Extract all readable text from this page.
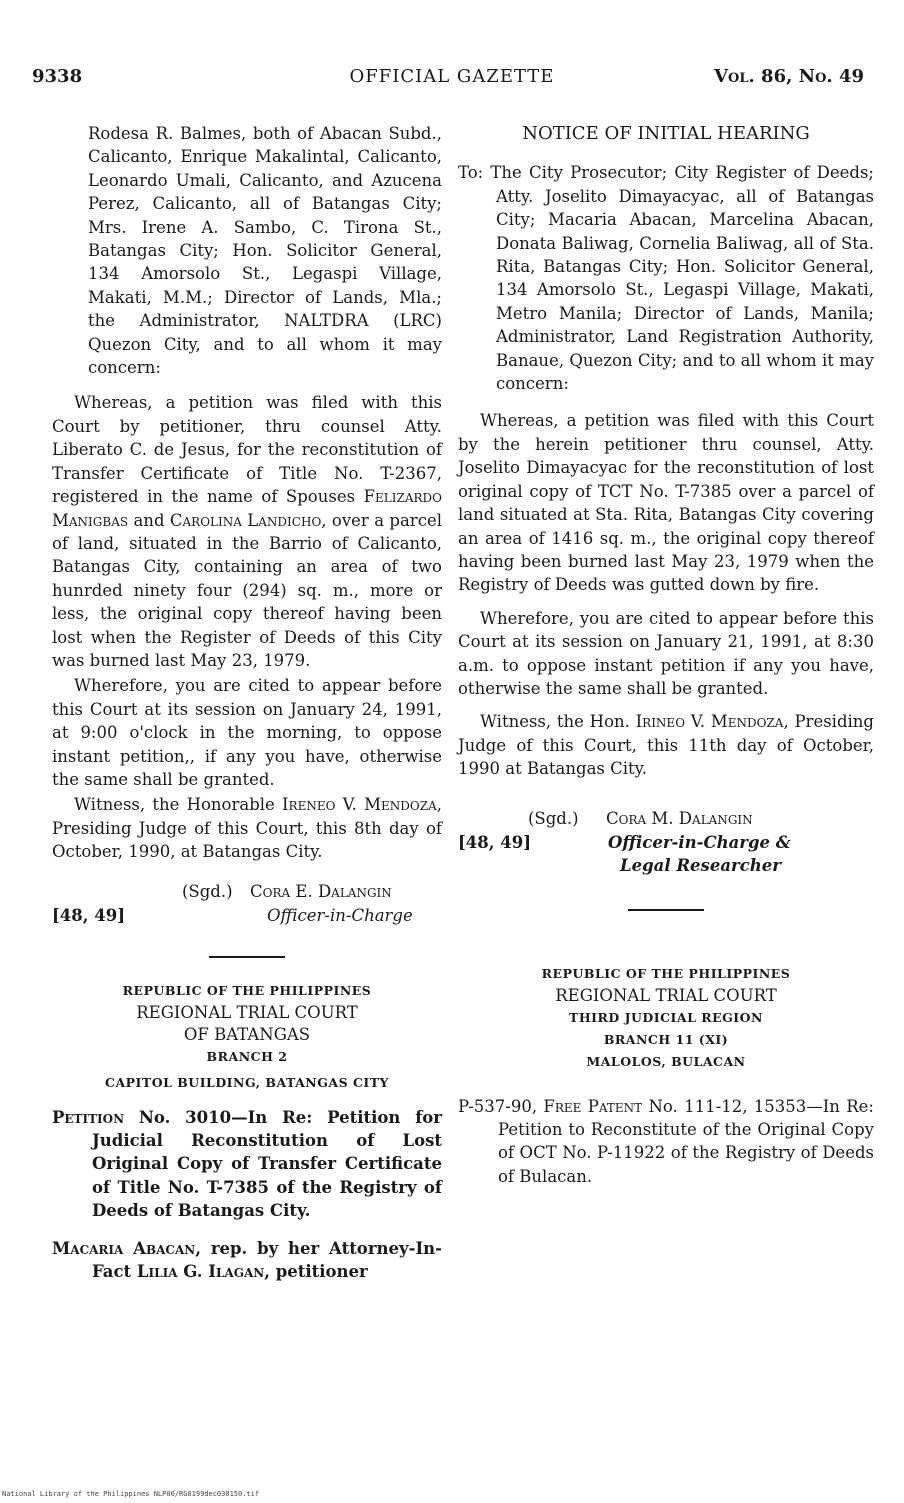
9338	OFFICIAL GAZETTE	Vol. 86, No. 49

Rodesa R. Balmes, both of Abacan Subd., Calicanto, Enrique Makalintal, Calicanto, Leonardo Umali, Calicanto, and Azucena Perez, Calicanto, all of Batangas City; Mrs. Irene A. Sambo, C. Tirona St., Batangas City; Hon. Solicitor General, 134 Amorsolo St., Legaspi Village, Makati, M.M.; Director of Lands, Mla.; the Administrator, NALTDRA (LRC) Quezon City, and to all whom it may concern:

Whereas, a petition was filed with this Court by petitioner, thru counsel Atty. Liberato C. de Jesus, for the reconstitution of Transfer Certificate of Title No. T-2367, registered in the name of Spouses Felizardo Manigbas and Carolina Landicho, over a parcel of land, situated in the Barrio of Calicanto, Batangas City, containing an area of two hunrded ninety four (294) sq. m., more or less, the original copy thereof having been lost when the Register of Deeds of this City was burned last May 23, 1979.

Wherefore, you are cited to appear before this Court at its session on January 24, 1991, at 9:00 o'clock in the morning, to oppose instant petition,, if any you have, otherwise the same shall be granted.

Witness, the Honorable Ireneo V. Mendoza, Presiding Judge of this Court, this 8th day of October, 1990, at Batangas City.

(Sgd.) Cora E. Dalangin
[48, 49]	Officer-in-Charge
REPUBLIC OF THE PHILIPPINES
REGIONAL TRIAL COURT
OF BATANGAS
BRANCH 2
CAPITOL BUILDING, BATANGAS CITY

Petition No. 3010—In Re: Petition for Judicial Reconstitution of Lost Original Copy of Transfer Certificate of Title No. T-7385 of the Registry of Deeds of Batangas City.

Macaria Abacan, rep. by her Attorney-In-Fact Lilia G. Ilagan, petitioner

NOTICE OF INITIAL HEARING

To: The City Prosecutor; City Register of Deeds; Atty. Joselito Dimayacyac, all of Batangas City; Macaria Abacan, Marcelina Abacan, Donata Baliwag, Cornelia Baliwag, all of Sta. Rita, Batangas City; Hon. Solicitor General, 134 Amorsolo St., Legaspi Village, Makati, Metro Manila; Director of Lands, Manila; Administrator, Land Registration Authority, Banaue, Quezon City; and to all whom it may concern:

Whereas, a petition was filed with this Court by the herein petitioner thru counsel, Atty. Joselito Dimayacyac for the reconstitution of lost original copy of TCT No. T-7385 over a parcel of land situated at Sta. Rita, Batangas City covering an area of 1416 sq. m., the original copy thereof having been burned last May 23, 1979 when the Registry of Deeds was gutted down by fire.

Wherefore, you are cited to appear before this Court at its session on January 21, 1991, at 8:30 a.m. to oppose instant petition if any you have, otherwise the same shall be granted.

Witness, the Hon. Irineo V. Mendoza, Presiding Judge of this Court, this 11th day of October, 1990 at Batangas City.

(Sgd.) Cora M. Dalangin
[48, 49]	Officer-in-Charge &
Legal Researcher
REPUBLIC OF THE PHILIPPINES
REGIONAL TRIAL COURT
THIRD JUDICIAL REGION
BRANCH 11 (XI)
MALOLOS, BULACAN

P-537-90, Free Patent No. 111-12, 15353—In Re: Petition to Reconstitute of the Original Copy of OCT No. P-11922 of the Registry of Deeds of Bulacan.

National Library of the Philippines NLP00/RG0199dec030150.tif
